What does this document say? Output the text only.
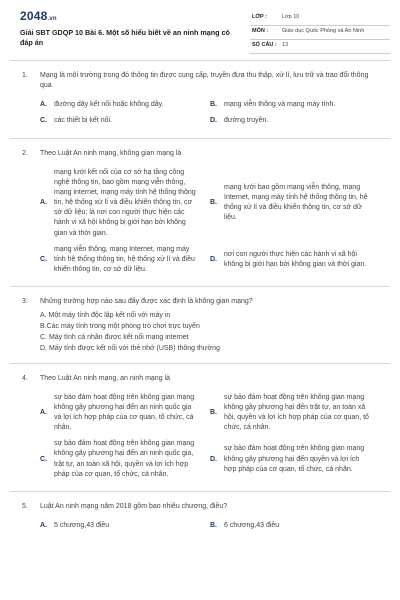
2048.vn
Giải SBT GDQP 10 Bài 6. Một số hiểu biết về an ninh mạng có đáp án
LỚP :	Lớp 10
MÔN :	Giáo dục Quốc Phòng và An Ninh
SỐ CÂU : 13
1. Mạng là môi trường trong đó thông tin được cung cấp, truyền đưa thu thập, xử lí, lưu trữ và trao đổi thông qua
A.	đường dây kết nối hoặc không dây.	B.	mạng viễn thông và mạng máy tính.
C.	các thiết bị kết nối.	D.	đường truyền.
2. Theo Luật An ninh mạng, không gian mạng là
A.
mạng lưới kết nối của cơ sở hạ tầng công nghệ thông tin, bao gồm mạng viễn thông, mạng internet, mạng máy tính hệ thống thông tin, hệ thống xử lí và điều khiển thông tin, cơ sở dữ liệu; là nơi con người thực hiện các hành vi xã hội không bị giới hạn bởi không gian và thời gian.
B.
mạng lưới bao gồm mạng viễn thông, mạng Internet, mạng máy tính hệ thống thông tin, hệ thống xử lí và điều khiển thông tin, cơ sở dữ liệu.
C.
mạng viễn thông, mạng Internet, mạng máy tính hệ thống thông tin, hệ thống xử lí và điều khiển thông tin, cơ sở dữ liệu.
D.
nơi con người thực hiện các hành vi xã hội không bị giới hạn bởi không gian và thời gian.
3. Những trường hợp nào sau đây được xác định là không gian mạng?
A. Một máy tính độc lập kết nối với máy in
B.Các máy tính trong một phòng trò chơi trực tuyến
C. Máy tính cá nhân được kết nối mạng internet
D. Máy tính được kết nối với thẻ nhớ (USB) thông thường
4. Theo Luật An ninh mạng, an ninh mạng là
A.
sự bảo đảm hoạt động trên không gian mạng không gây phương hại đến an ninh quốc gia và lợi ích hợp pháp của cơ quan, tổ chức, cá nhân.
B.
sự bảo đảm hoạt động trên không gian mạng không gây phương hại đến trật tự, an toàn xã hội, quyền và lợi ích hợp pháp của cơ quan, tổ chức, cá nhân.
C.
sự bảo đảm hoạt động trên không gian mạng không gây phương hại đến an ninh quốc gia, trật tự, an toàn xã hội, quyền và lợi ích hợp pháp của cơ quan, tổ chức, cá nhân.
D.
sự bảo đảm hoạt động trên không gian mạng không gây phương hại đến quyền và lợi ích hợp pháp của cơ quan, tổ chức, cá nhân.
5. Luật An ninh mạng năm 2018 gồm bao nhiêu chương, điều?
A.	5 chương,43 điều	B.	6 chương,43 điều
